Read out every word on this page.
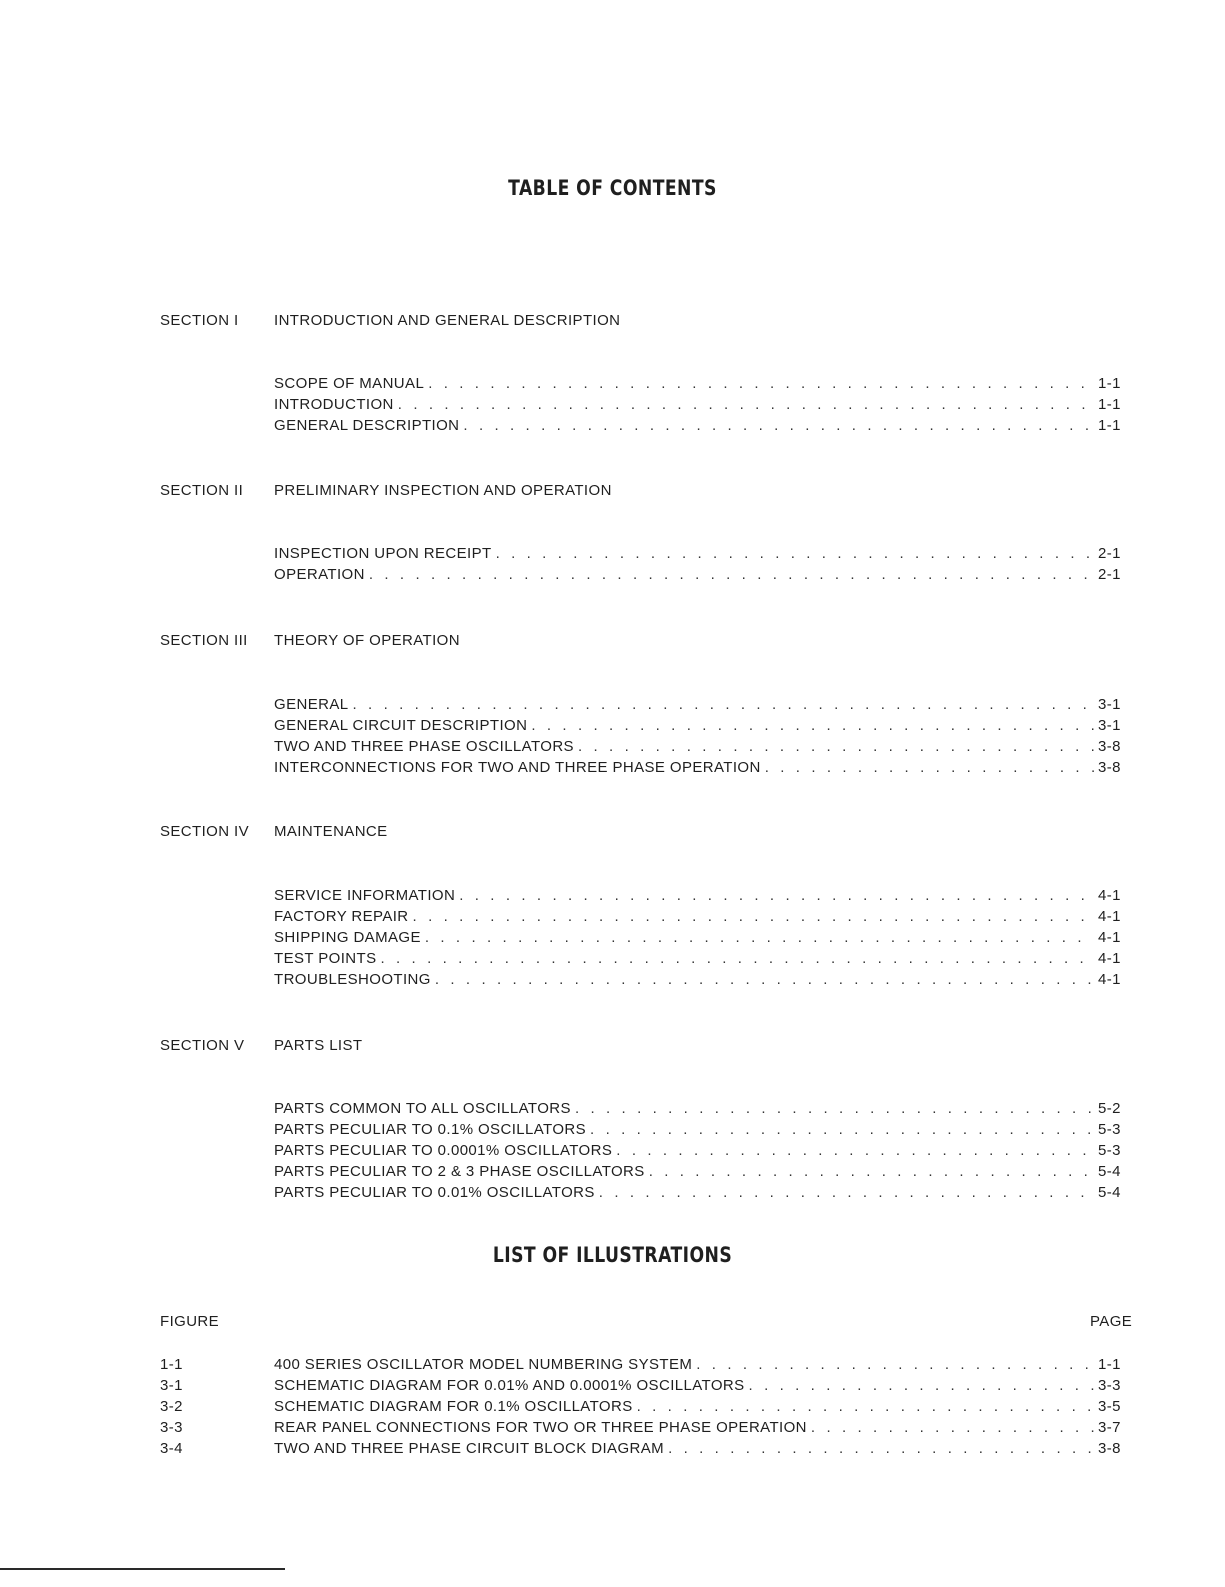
TABLE OF CONTENTS
SECTION I INTRODUCTION AND GENERAL DESCRIPTION
SCOPE OF MANUAL . . .	1-1
INTRODUCTION . . .	1-1
GENERAL DESCRIPTION . . .	1-1
SECTION II PRELIMINARY INSPECTION AND OPERATION
INSPECTION UPON RECEIPT . . .	2-1
OPERATION . . .	2-1
SECTION III THEORY OF OPERATION
GENERAL . . .	3-1
GENERAL CIRCUIT DESCRIPTION . . .	3-1
TWO AND THREE PHASE OSCILLATORS . . .	3-8
INTERCONNECTIONS FOR TWO AND THREE PHASE OPERATION . . .	3-8
SECTION IV MAINTENANCE
SERVICE INFORMATION . . .	4-1
FACTORY REPAIR . . .	4-1
SHIPPING DAMAGE . . .	4-1
TEST POINTS . . .	4-1
TROUBLESHOOTING . . .	4-1
SECTION V PARTS LIST
PARTS COMMON TO ALL OSCILLATORS . . .	5-2
PARTS PECULIAR TO 0.1% OSCILLATORS . . .	5-3
PARTS PECULIAR TO 0.0001% OSCILLATORS . . .	5-3
PARTS PECULIAR TO 2 & 3 PHASE OSCILLATORS . . .	5-4
PARTS PECULIAR TO 0.01% OSCILLATORS . . .	5-4
LIST OF ILLUSTRATIONS
FIGURE	PAGE
1-1	400 SERIES OSCILLATOR MODEL NUMBERING SYSTEM . . .	1-1
3-1	SCHEMATIC DIAGRAM FOR 0.01% AND 0.0001% OSCILLATORS . . .	3-3
3-2	SCHEMATIC DIAGRAM FOR 0.1% OSCILLATORS . . .	3-5
3-3	REAR PANEL CONNECTIONS FOR TWO OR THREE PHASE OPERATION . . .	3-7
3-4	TWO AND THREE PHASE CIRCUIT BLOCK DIAGRAM . . .	3-8
